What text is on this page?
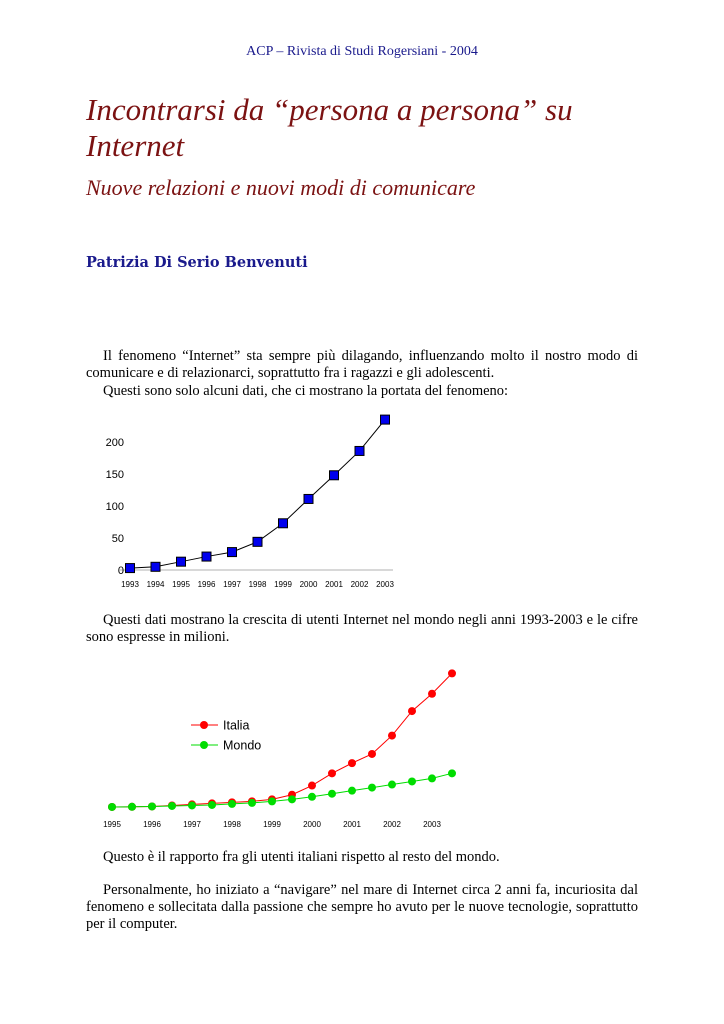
ACP – Rivista di Studi Rogersiani - 2004
Incontrarsi da “persona a persona” su Internet
Nuove relazioni e nuovi modi di comunicare
Patrizia Di Serio Benvenuti

Il fenomeno “Internet” sta sempre più dilagando, influenzando molto il nostro modo di comunicare e di relazionarci, soprattutto fra i ragazzi e gli adolescenti.

Questi sono solo alcuni dati, che ci mostrano la portata del fenomeno:

0
50
100
150
200
1993 1994 1995 1996 1997 1998 1999 2000 2001 2002 2003

Questi dati mostrano la crescita di utenti Internet nel mondo negli anni 1993-2003 e le cifre sono espresse in milioni.

1995	1996	1997	1998	1999	2000	2001	2002	2003
Italia
Mondo

Questo è il rapporto fra gli utenti italiani rispetto al resto del mondo.

Personalmente, ho iniziato a “navigare” nel mare di Internet circa 2 anni fa, incuriosita dal fenomeno e sollecitata dalla passione che sempre ho avuto per le nuove tecnologie, soprattutto per il computer.
